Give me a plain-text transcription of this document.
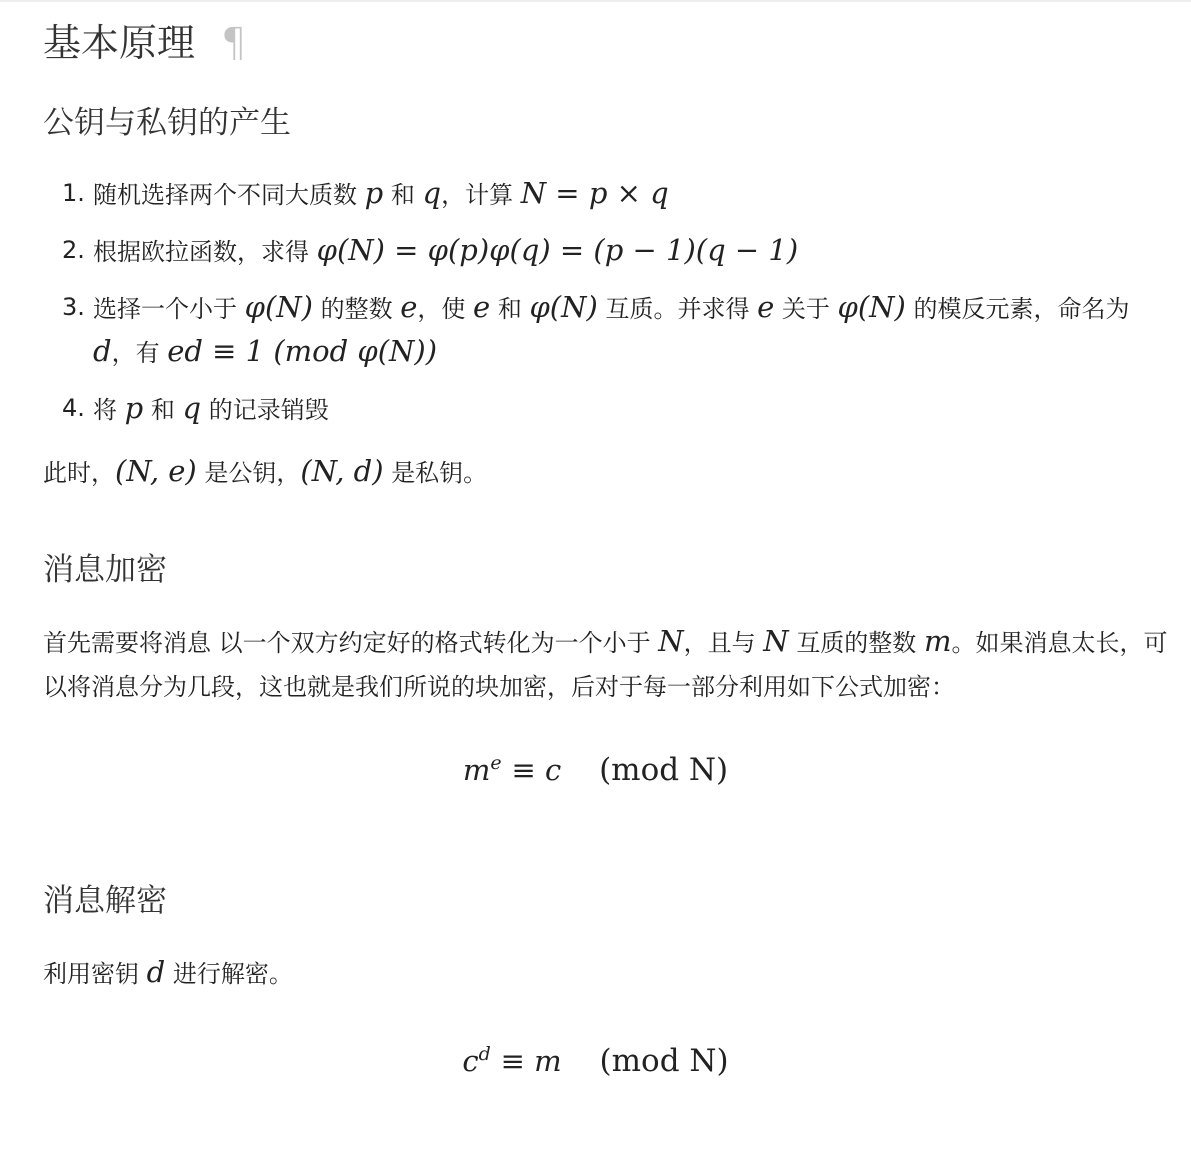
基本原理 ¶
公钥与私钥的产生
1. 随机选择两个不同大质数 p 和 q，计算 N = p × q
2. 根据欧拉函数，求得 φ(N) = φ(p)φ(q) = (p − 1)(q − 1)
3. 选择一个小于 φ(N) 的整数 e，使 e 和 φ(N) 互质。并求得 e 关于 φ(N) 的模反元素，命名为 d，有 ed ≡ 1 (mod φ(N))
4. 将 p 和 q 的记录销毁
此时，(N, e) 是公钥，(N, d) 是私钥。
消息加密
首先需要将消息 以一个双方约定好的格式转化为一个小于 N，且与 N 互质的整数 m。如果消息太长，可以将消息分为几段，这也就是我们所说的块加密，后对于每一部分利用如下公式加密：
$m^e \equiv c$ (mod N)
消息解密
利用密钥 d 进行解密。
$c^d \equiv m$ (mod N)
